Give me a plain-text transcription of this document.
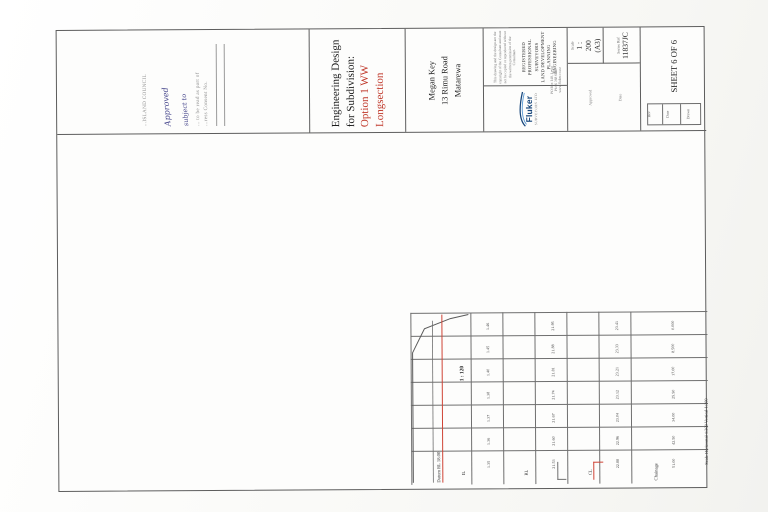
...ISLAND COUNCIL	Approved	subject to ... to be read as part of ...ress Consent No.	Engineering Design for Subdivision: Option 1 WW Longsection	Megan Key 13 Rimu Road Matarewa	This drawing and the design are the copyright of the Consultant and must not be copied or reproduced without the written permission of the Consultant. REGISTERED PROFESSIONAL SURVEYORS LAND DEVELOPMENT PLANNING ENGINEERING
Fluker SURVEYORS LTD
PO Box 148, Levin Ph 06 368 6883 www.fluker.co.nz
Scale 1 : 200 (A3)	Series Ref 11837JC
Approved	Date
SHEET 6 OF 6
Rev	Date	Drawn
Datum RL 18.00	IL	RL	CL	Chainage
1 : 120
Scale Horizontal 1:200 Vertical 1:100
1.46	21.95	23.41	0.000
1.45	21.88	23.33	8.500
1.40	21.81	23.21	17.00
1.38	21.74	23.12	25.50
1.37	21.67	23.04	34.00
1.36	21.60	22.96	42.50
1.35	21.53	22.88	51.00
